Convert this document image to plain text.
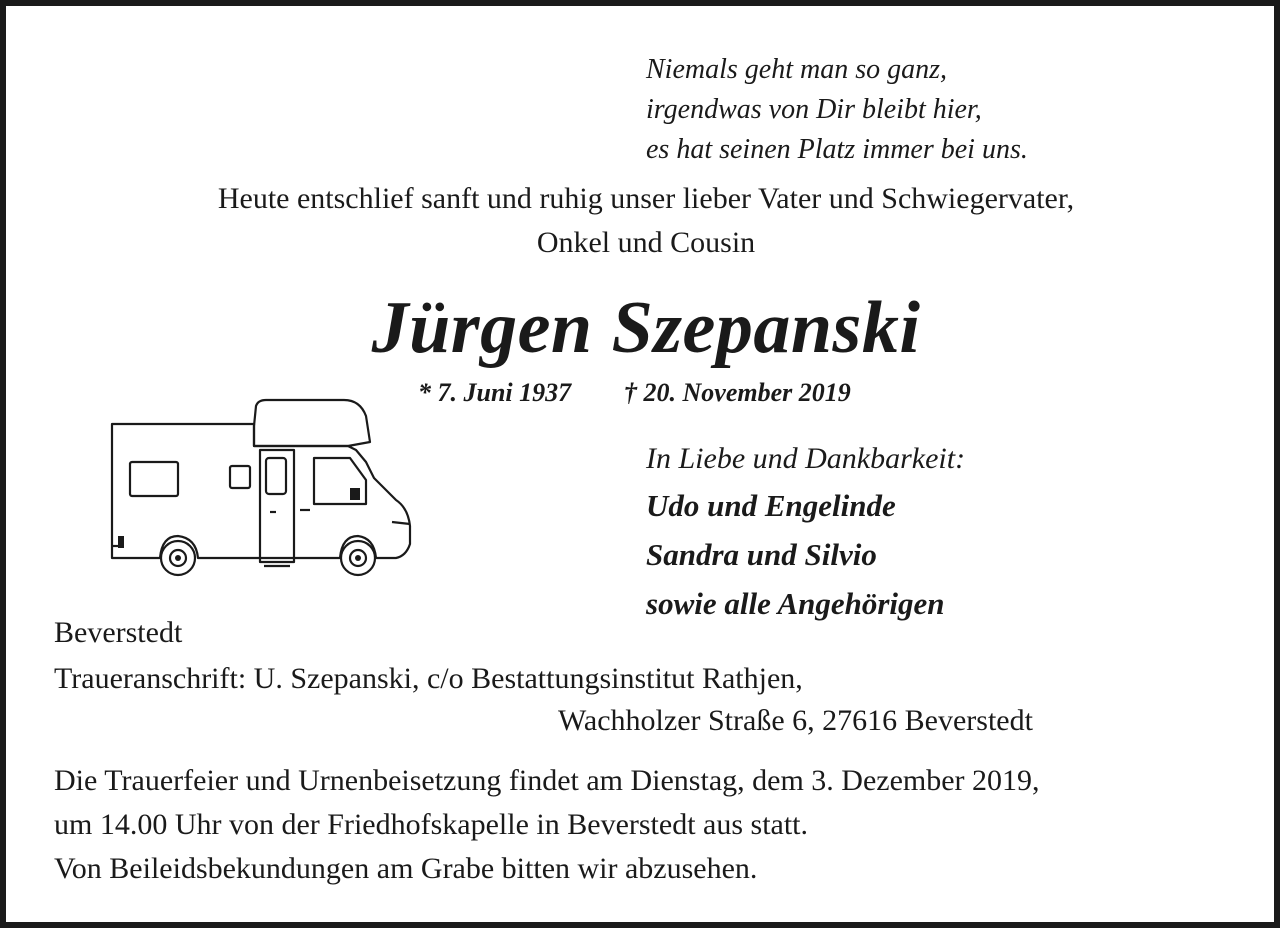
Niemals geht man so ganz,
irgendwas von Dir bleibt hier,
es hat seinen Platz immer bei uns.
Heute entschlief sanft und ruhig unser lieber Vater und Schwiegervater,
Onkel und Cousin
Jürgen Szepanski
* 7. Juni 1937 † 20. November 2019
In Liebe und Dankbarkeit:
Udo und Engelinde
Sandra und Silvio
sowie alle Angehörigen
Beverstedt
Traueranschrift: U. Szepanski, c/o Bestattungsinstitut Rathjen,
Wachholzer Straße 6, 27616 Beverstedt
Die Trauerfeier und Urnenbeisetzung findet am Dienstag, dem 3. Dezember 2019,
um 14.00 Uhr von der Friedhofskapelle in Beverstedt aus statt.
Von Beileidsbekundungen am Grabe bitten wir abzusehen.
